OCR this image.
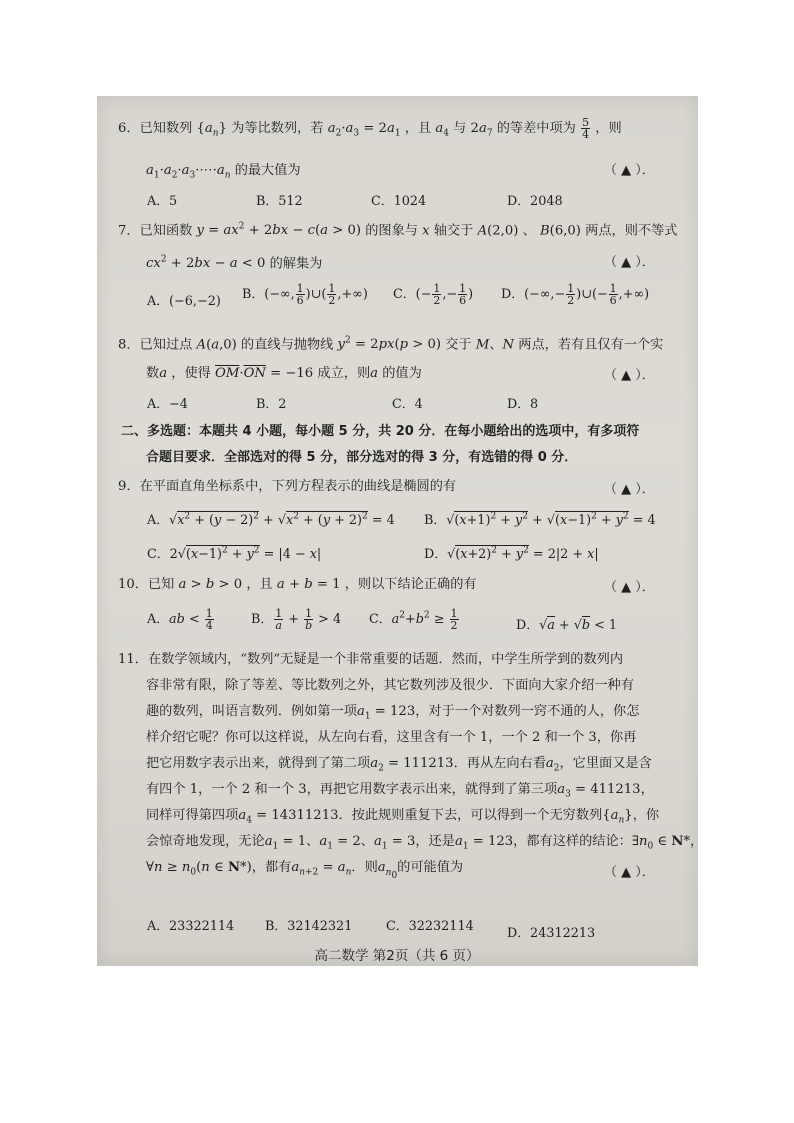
6．已知数列 $\{a_n\}$ 为等比数列，若 $a_2\cdot a_3 = 2a_1$ ，且 $a_4$ 与 $2a_7$ 的等差中项为 $\frac{5}{4}$ ，则
$a_1\cdot a_2\cdot a_3\cdot\cdots\cdot a_n$ 的最大值为	（ ▲ ）．
A．5	B．512	C．1024	D．2048
7．已知函数 $y = ax^2 + 2bx - c(a > 0)$ 的图象与 x 轴交于 A(2,0) 、 B(6,0) 两点，则不等式
$cx^2 + 2bx - a < 0$ 的解集为	（ ▲ ）．
A．(−6,−2) B．(−∞, $\frac{1}{6}$ )∪( $\frac{1}{2}$ ,+∞) C．(− $\frac{1}{2}$ ,− $\frac{1}{6}$ ) D．(−∞,− $\frac{1}{2}$ )∪(− $\frac{1}{6}$ ,+∞)
8．已知过点 A(a,0) 的直线与抛物线 $y^2 = 2px(p > 0)$ 交于 M、N 两点，若有且仅有一个实
数a ，使得 $\overline{OM}\cdot\overline{ON} = -16$ 成立，则a 的值为	（ ▲ ）．
A．−4	B．2	C．4	D．8
二、多选题：本题共 4 小题，每小题 5 分，共 20 分．在每小题给出的选项中，有多项符
合题目要求．全部选对的得 5 分，部分选对的得 3 分，有选错的得 0 分．
9．在平面直角坐标系中，下列方程表示的曲线是椭圆的有	（ ▲ ）．
A．$√x^2 + (y - 2)^2 + √x^2 + (y + 2)^2 = 4$ B．$√(x+1)^2 + y^2 + √(x-1)^2 + y^2 = 4$
C．$2√(x-1)^2 + y^2 = |4 - x|$	D．$√(x+2)^2 + y^2 = 2|2 + x|$
10．已知 a > b > 0 ，且 a + b = 1 ，则以下结论正确的有	（ ▲ ）．
A．ab < $\frac{1}{4}$	B． $\frac{1}{a} + \frac{1}{b} > 4$ C．$a^2+b^2 \ge \frac{1}{2}$	D．√a + √b < 1
11．在数学领域内，“数列”无疑是一个非常重要的话题．然而，中学生所学到的数列内
容非常有限，除了等差、等比数列之外，其它数列涉及很少．下面向大家介绍一种有
趣的数列，叫语言数列．例如第一项$a_1 = 123$，对于一个对数列一窍不通的人，你怎
样介绍它呢？你可以这样说，从左向右看，这里含有一个 1，一个 2 和一个 3，你再
把它用数字表示出来，就得到了第二项$a_2 = 111213$．再从左向右看$a_2$，它里面又是含
有四个 1，一个 2 和一个 3，再把它用数字表示出来，就得到了第三项$a_3 = 411213$，
同样可得第四项$a_4 = 14311213$．按此规则重复下去，可以得到一个无穷数列$\{a_n\}$，你
会惊奇地发现，无论$a_1 = 1$、$a_1 = 2$、$a_1 = 3$，还是$a_1 = 123$，都有这样的结论：$\exists n_0$ ∈ N*，
∀n ≥ $n_0(n$ ∈ N*)，都有$a_{n+2} = a_n$．则$a_{n_0}$的可能值为	（ ▲ ）．
A．23322114 B．32142321	C．32232114	D．24312213
高二数学 第2页（共 6 页）
